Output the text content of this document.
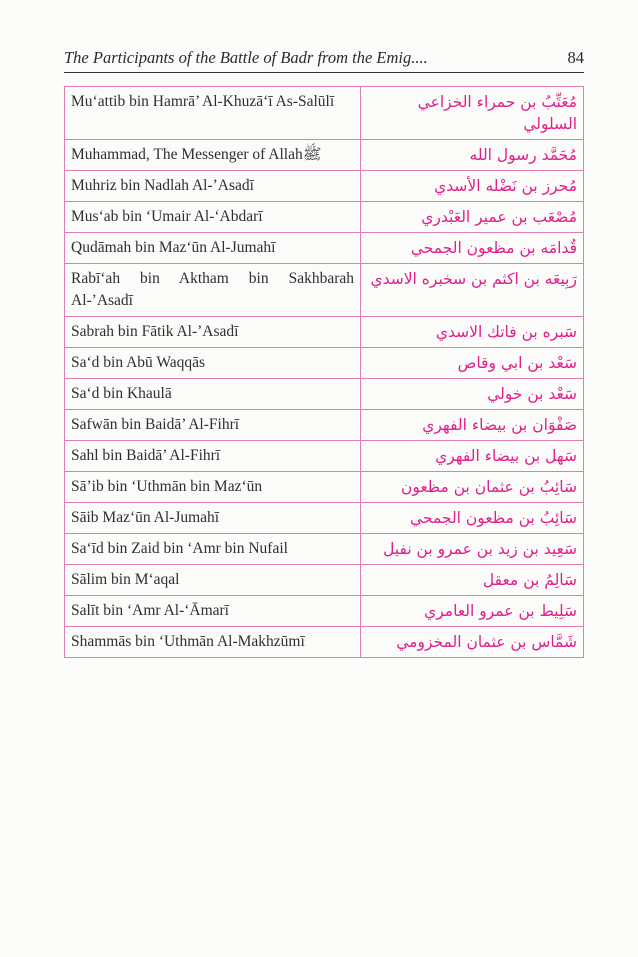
The Participants of the Battle of Badr from the Emig....	84
Mu‘attib bin Hamrā’ Al-Khuzā‘ī As-Salūlī	مُعَتِّبُ بن حمراء الخزاعي السلولي
Muhammad, The Messenger of Allahﷺ	مُحَمَّد رسول الله
Muhriz bin Nadlah Al-’Asadī	مُحرز بن نَضْله الأسدي
Mus‘ab bin ‘Umair Al-‘Abdarī	مُصْعَب بن عمير العَبْدري
Qudāmah bin Maz‘ūn Al-Jumahī	قُدامَه بن مظعون الجمحي
Rabī‘ah bin Aktham bin Sakhbarah Al-’Asadī	رَبِيعَه بن اكثم بن سخبره الاسدي
Sabrah bin Fātik Al-’Asadī	سَبره بن فاتك الاسدي
Sa‘d bin Abū Waqqās	سَعْد بن ابي وقاص
Sa‘d bin Khaulā	سَعْد بن خولي
Safwān bin Baidā’ Al-Fihrī	صَفْوَان بن بيضاء الفهري
Sahl bin Baidā’ Al-Fihrī	سَهل بن بيضاء الفهري
Sā’ib bin ‘Uthmān bin Maz‘ūn	سَائِبُ بن عثمان بن مظعون
Sāib Maz‘ūn Al-Jumahī	سَائِبُ بن مظعون الجمحي
Sa‘īd bin Zaid bin ‘Amr bin Nufail	سَعِيد بن زيد بن عمرو بن نفيل
Sālim bin M‘aqal	سَالِمُ بن معقل
Salīt bin ‘Amr Al-‘Āmarī	سَلِيط بن عمرو العامري
Shammās bin ‘Uthmān Al-Makhzūmī	شَمَّاس بن عثمان المخزومي
